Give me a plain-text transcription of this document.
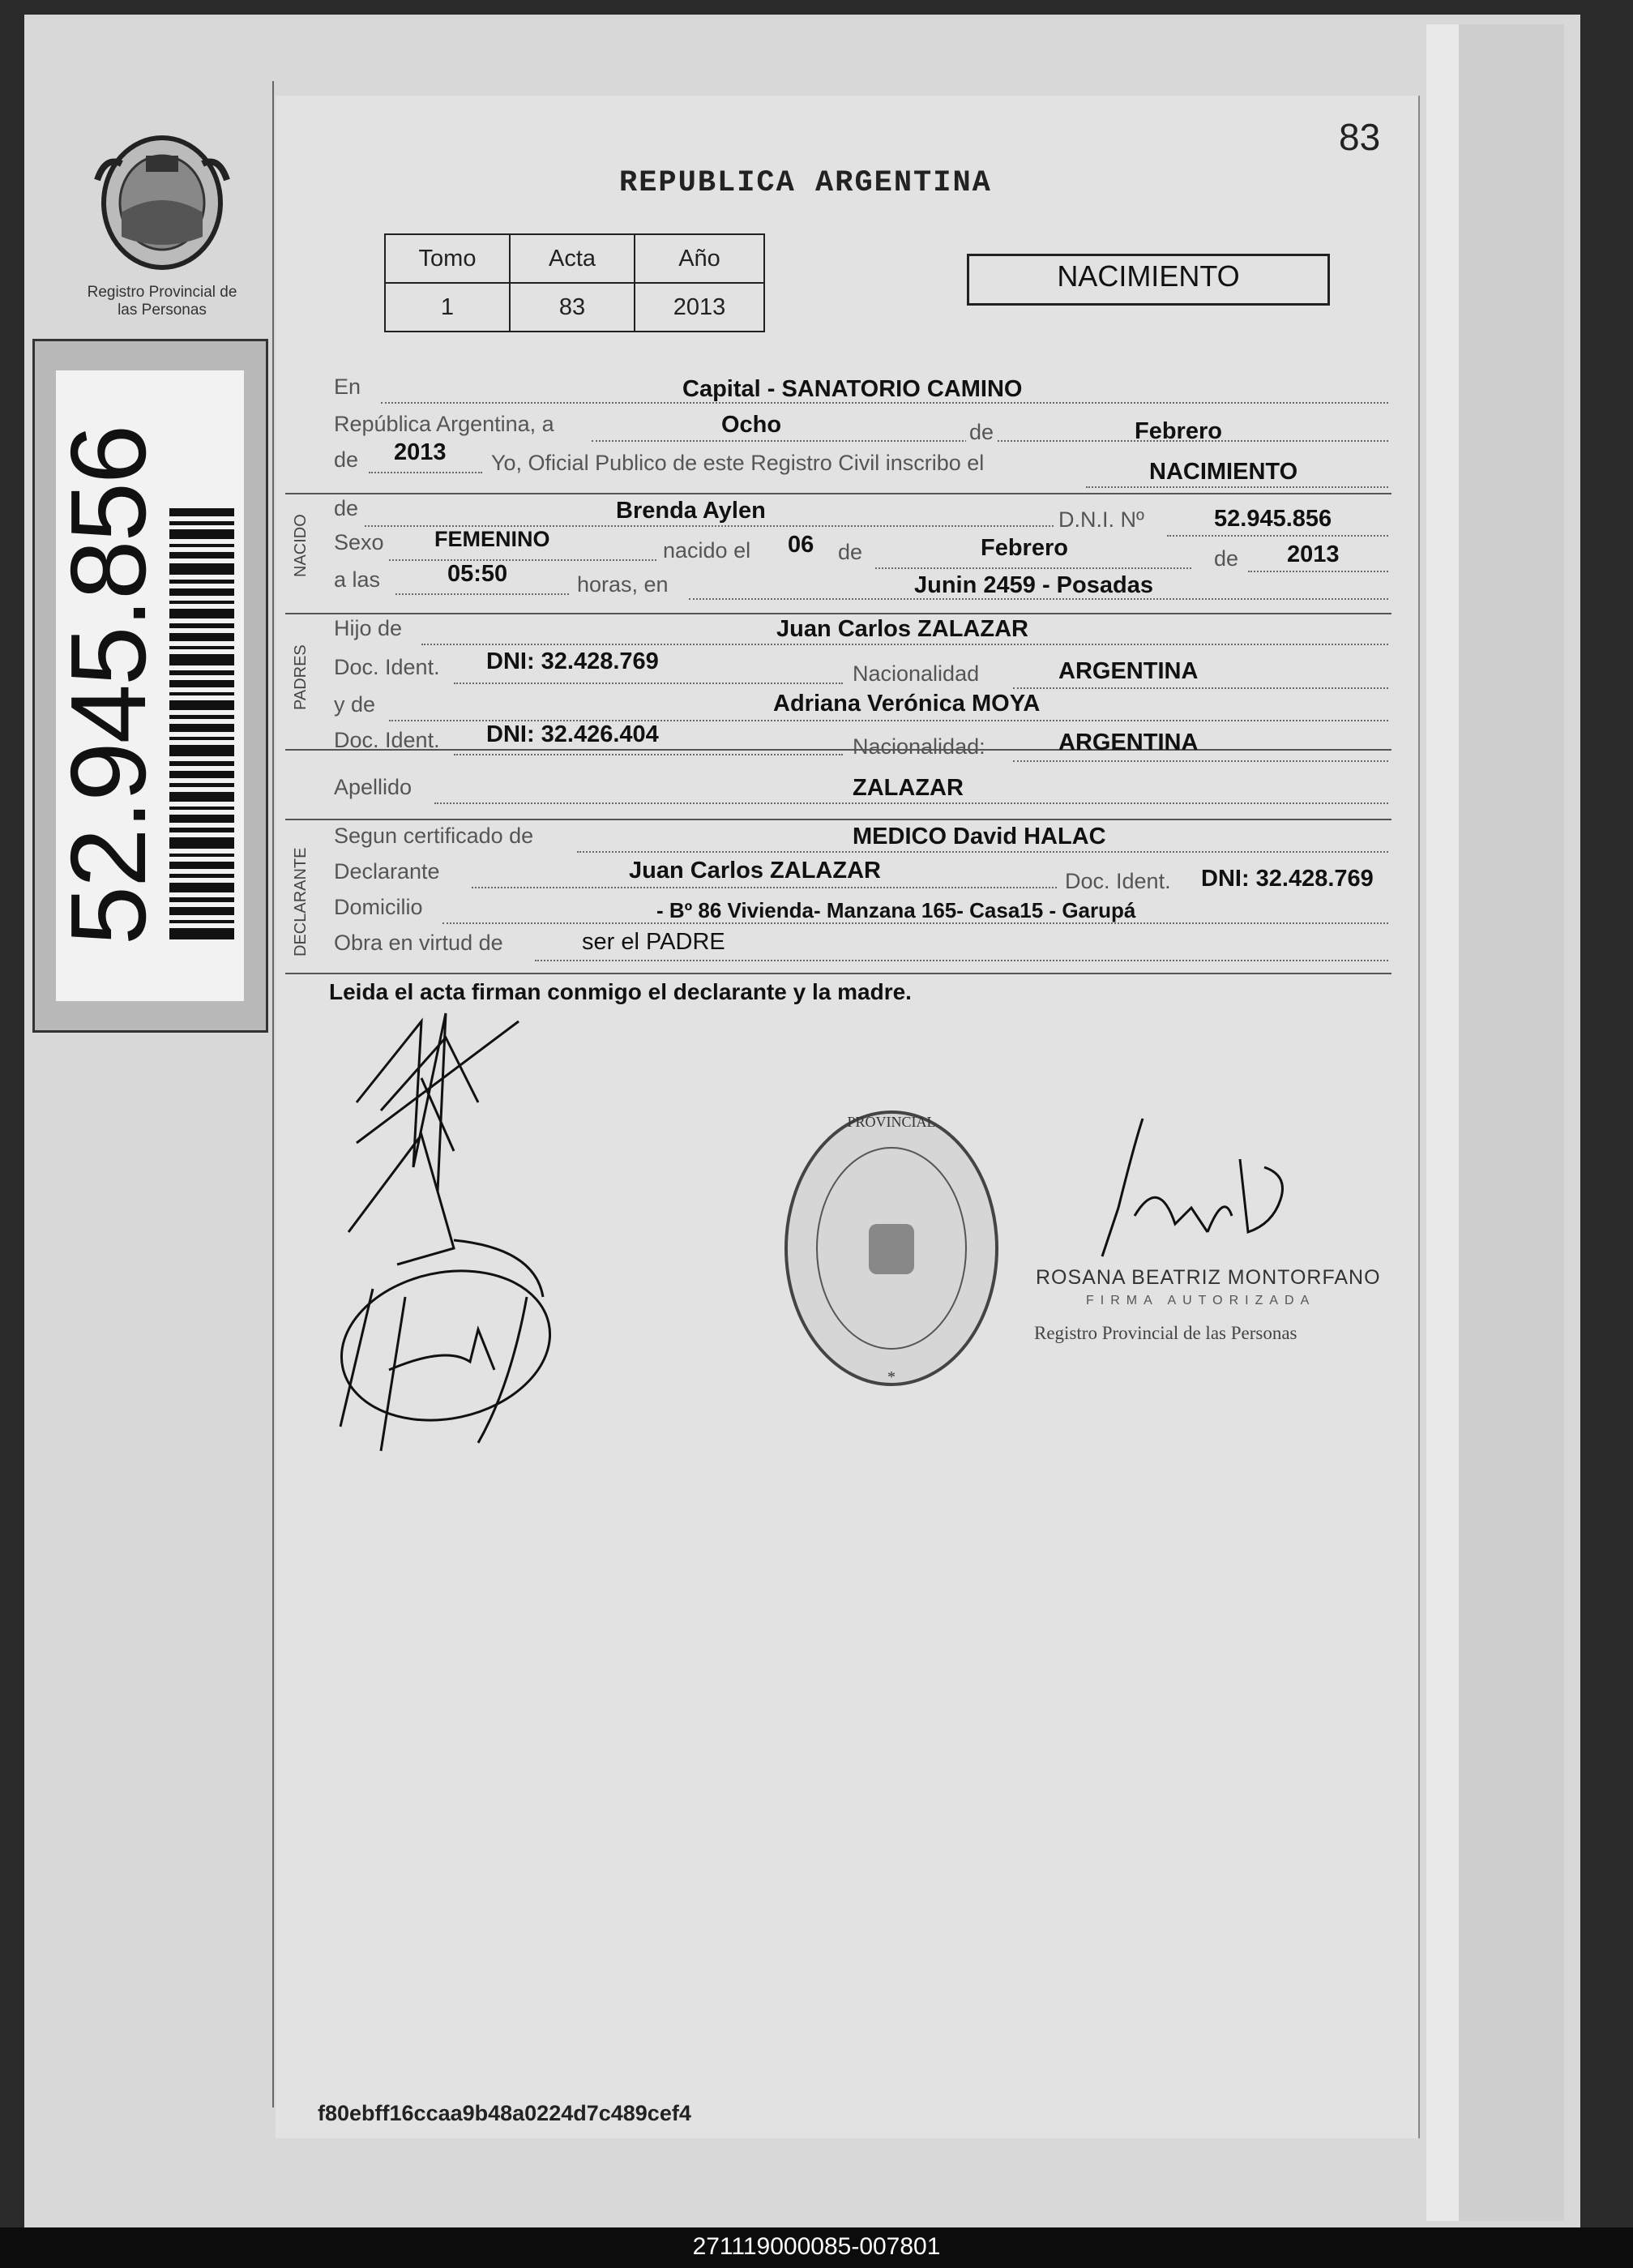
83
REPUBLICA ARGENTINA
Registro Provincial de las Personas
52.945.856
Tomo	Acta	Año
1	83	2013
NACIMIENTO
NACIDO
PADRES
DECLARANTE
En	Capital - SANATORIO CAMINO
República Argentina, a	Ocho	de	Febrero
de 2013 Yo, Oficial Publico de este Registro Civil inscribo el	NACIMIENTO
de	Brenda Aylen	D.N.I. Nº	52.945.856
Sexo FEMENINO	nacido el 06 de	Febrero	de 2013
a las	05:50	horas, en	Junin 2459 - Posadas
Hijo de	Juan Carlos ZALAZAR
Doc. Ident. DNI: 32.428.769	Nacionalidad	ARGENTINA
y de	Adriana Verónica MOYA
Doc. Ident. DNI: 32.426.404	Nacionalidad:	ARGENTINA
Apellido	ZALAZAR
Segun certificado de	MEDICO David HALAC
Declarante	Juan Carlos ZALAZAR	Doc. Ident. DNI: 32.428.769
Domicilio	- Bº 86 Vivienda- Manzana 165- Casa15 - Garupá
Obra en virtud de	ser el PADRE
Leida el acta firman conmigo el declarante y la madre.
PROVINCIAL
*
ROSANA BEATRIZ MONTORFANO
FIRMA AUTORIZADA
Registro Provincial de las Personas
f80ebff16ccaa9b48a0224d7c489cef4
271119000085-007801
